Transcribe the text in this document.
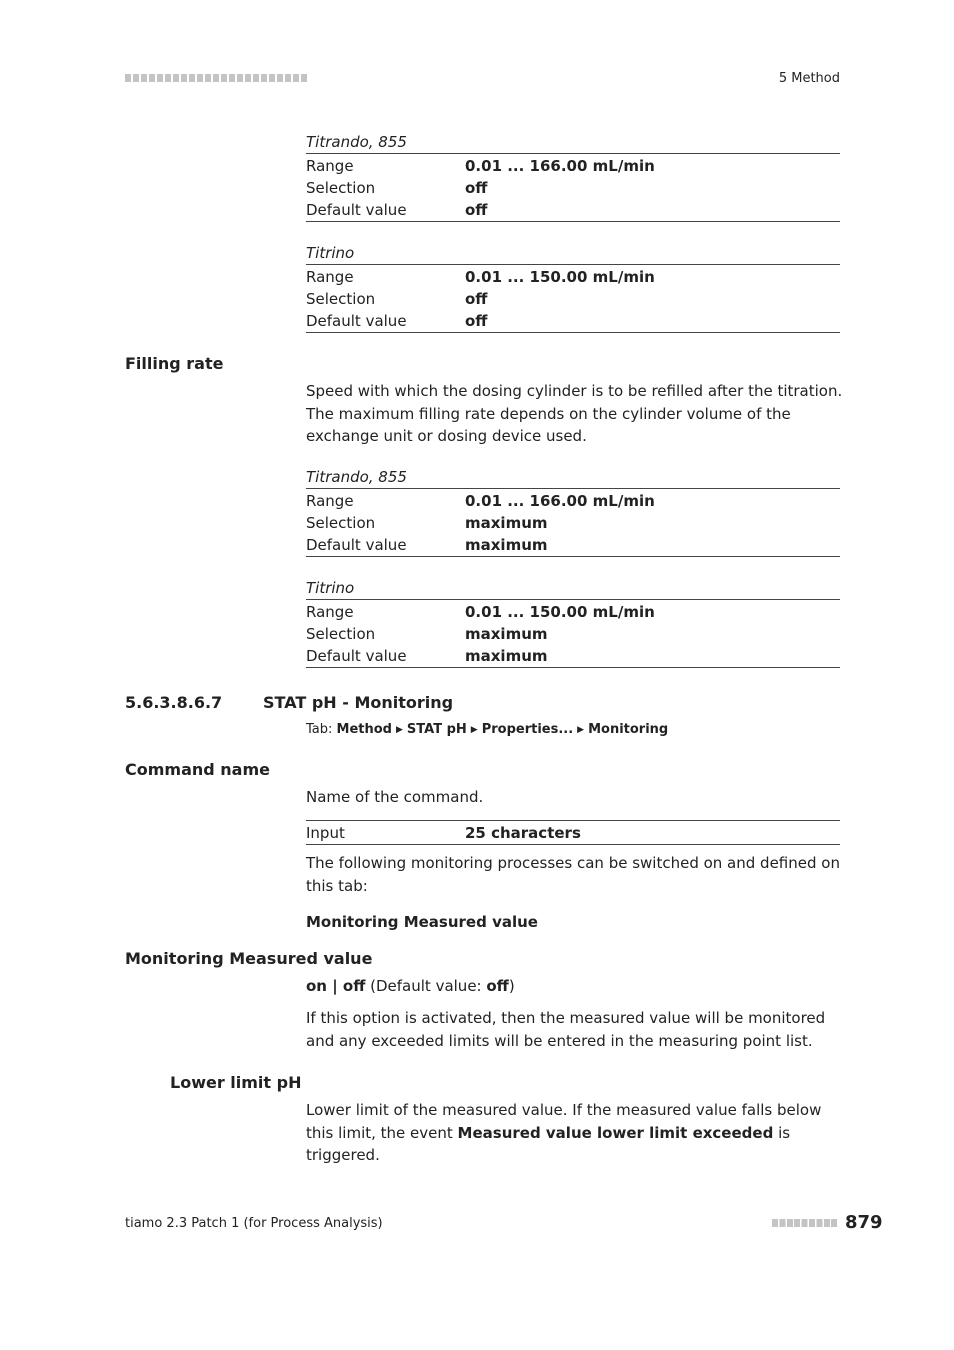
5 Method
Titrando, 855
Range	0.01 ... 166.00 mL/min
Selection	off
Default value	off
Titrino
Range	0.01 ... 150.00 mL/min
Selection	off
Default value	off
Filling rate
Speed with which the dosing cylinder is to be refilled after the titration. The maximum filling rate depends on the cylinder volume of the exchange unit or dosing device used.
Titrando, 855
Range	0.01 ... 166.00 mL/min
Selection	maximum
Default value	maximum
Titrino
Range	0.01 ... 150.00 mL/min
Selection	maximum
Default value	maximum
5.6.3.8.6.7	STAT pH - Monitoring
Tab: Method ▶ STAT pH ▶ Properties... ▶ Monitoring
Command name
Name of the command.
Input	25 characters
The following monitoring processes can be switched on and defined on this tab:
Monitoring Measured value
Monitoring Measured value
on | off (Default value: off)
If this option is activated, then the measured value will be monitored and any exceeded limits will be entered in the measuring point list.
Lower limit pH
Lower limit of the measured value. If the measured value falls below this limit, the event Measured value lower limit exceeded is triggered.
tiamo 2.3 Patch 1 (for Process Analysis)	879
